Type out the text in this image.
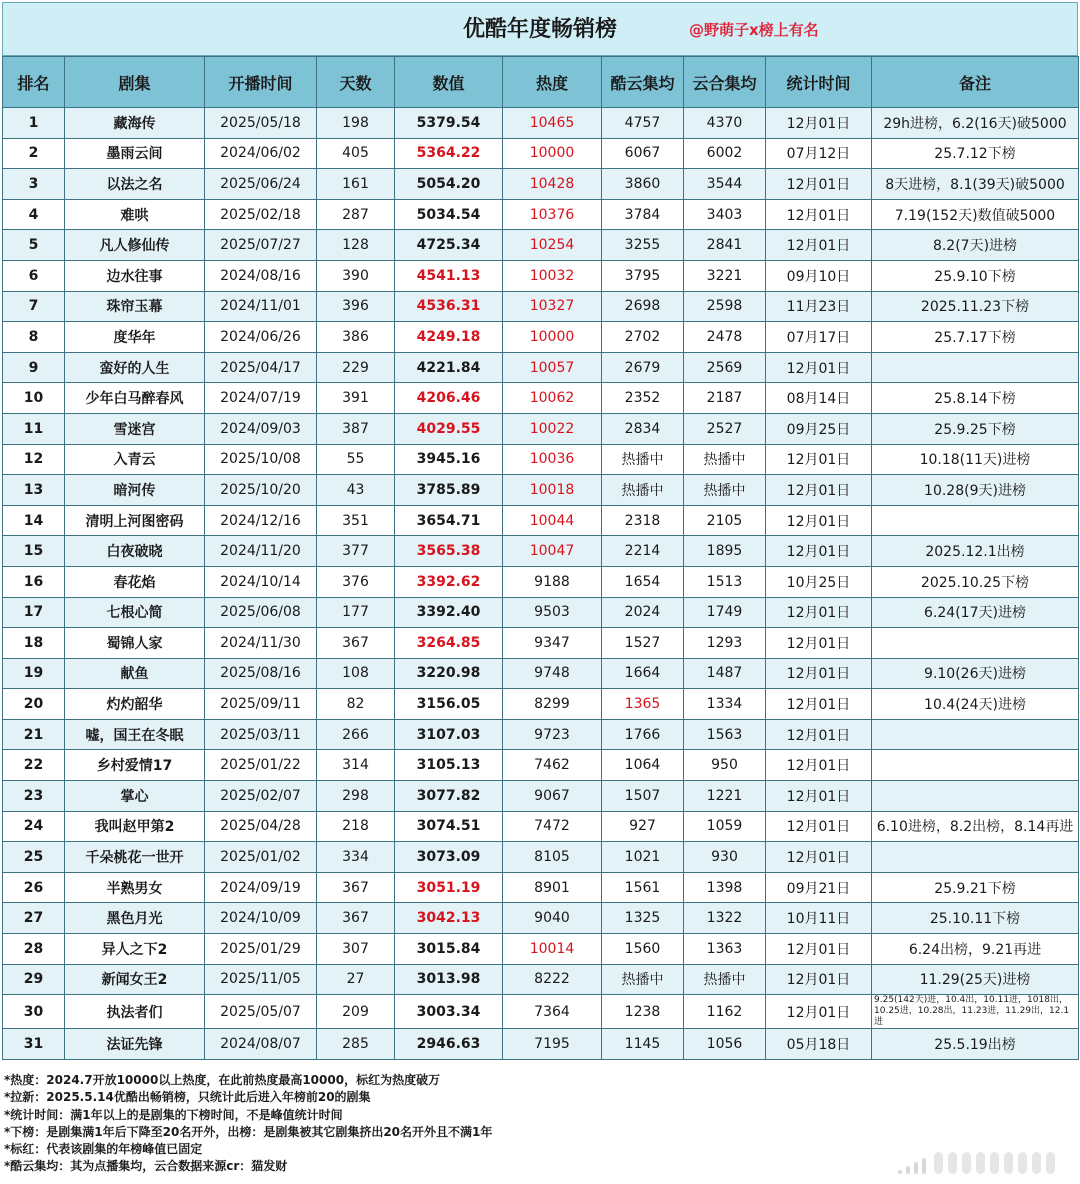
优酷年度畅销榜	@野萌子x榜上有名
排名	剧集	开播时间	天数	数值	热度	酷云集均	云合集均	统计时间	备注
1	藏海传	2025/05/18	198	5379.54	10465	4757	4370	12月01日	29h进榜，6.2(16天)破5000
2	墨雨云间	2024/06/02	405	5364.22	10000	6067	6002	07月12日	25.7.12下榜
3	以法之名	2025/06/24	161	5054.20	10428	3860	3544	12月01日	8天进榜，8.1(39天)破5000
4	难哄	2025/02/18	287	5034.54	10376	3784	3403	12月01日	7.19(152天)数值破5000
5	凡人修仙传	2025/07/27	128	4725.34	10254	3255	2841	12月01日	8.2(7天)进榜
6	边水往事	2024/08/16	390	4541.13	10032	3795	3221	09月10日	25.9.10下榜
7	珠帘玉幕	2024/11/01	396	4536.31	10327	2698	2598	11月23日	2025.11.23下榜
8	度华年	2024/06/26	386	4249.18	10000	2702	2478	07月17日	25.7.17下榜
9	蛮好的人生	2025/04/17	229	4221.84	10057	2679	2569	12月01日	
10	少年白马醉春风	2024/07/19	391	4206.46	10062	2352	2187	08月14日	25.8.14下榜
11	雪迷宫	2024/09/03	387	4029.55	10022	2834	2527	09月25日	25.9.25下榜
12	入青云	2025/10/08	55	3945.16	10036	热播中	热播中	12月01日	10.18(11天)进榜
13	暗河传	2025/10/20	43	3785.89	10018	热播中	热播中	12月01日	10.28(9天)进榜
14	清明上河图密码	2024/12/16	351	3654.71	10044	2318	2105	12月01日	
15	白夜破晓	2024/11/20	377	3565.38	10047	2214	1895	12月01日	2025.12.1出榜
16	春花焰	2024/10/14	376	3392.62	9188	1654	1513	10月25日	2025.10.25下榜
17	七根心简	2025/06/08	177	3392.40	9503	2024	1749	12月01日	6.24(17天)进榜
18	蜀锦人家	2024/11/30	367	3264.85	9347	1527	1293	12月01日	
19	献鱼	2025/08/16	108	3220.98	9748	1664	1487	12月01日	9.10(26天)进榜
20	灼灼韶华	2025/09/11	82	3156.05	8299	1365	1334	12月01日	10.4(24天)进榜
21	嘘，国王在冬眠	2025/03/11	266	3107.03	9723	1766	1563	12月01日	
22	乡村爱情17	2025/01/22	314	3105.13	7462	1064	950	12月01日	
23	掌心	2025/02/07	298	3077.82	9067	1507	1221	12月01日	
24	我叫赵甲第2	2025/04/28	218	3074.51	7472	927	1059	12月01日	6.10进榜，8.2出榜，8.14再进
25	千朵桃花一世开	2025/01/02	334	3073.09	8105	1021	930	12月01日	
26	半熟男女	2024/09/19	367	3051.19	8901	1561	1398	09月21日	25.9.21下榜
27	黑色月光	2024/10/09	367	3042.13	9040	1325	1322	10月11日	25.10.11下榜
28	异人之下2	2025/01/29	307	3015.84	10014	1560	1363	12月01日	6.24出榜，9.21再进
29	新闻女王2	2025/11/05	27	3013.98	8222	热播中	热播中	12月01日	11.29(25天)进榜
30	执法者们	2025/05/07	209	3003.34	7364	1238	1162	12月01日	9.25(142天)进，10.4出，10.11进，1018出，10.25进，10.28出，11.23进，11.29出，12.1进
31	法证先锋	2024/08/07	285	2946.63	7195	1145	1056	05月18日	25.5.19出榜
*热度：2024.7开放10000以上热度，在此前热度最高10000，标红为热度破万
*拉新：2025.5.14优酷出畅销榜，只统计此后进入年榜前20的剧集
*统计时间：满1年以上的是剧集的下榜时间，不是峰值统计时间
*下榜：是剧集满1年后下降至20名开外，出榜：是剧集被其它剧集挤出20名开外且不满1年
*标红：代表该剧集的年榜峰值已固定
*酷云集均：其为点播集均，云合数据来源cr：猫发财
